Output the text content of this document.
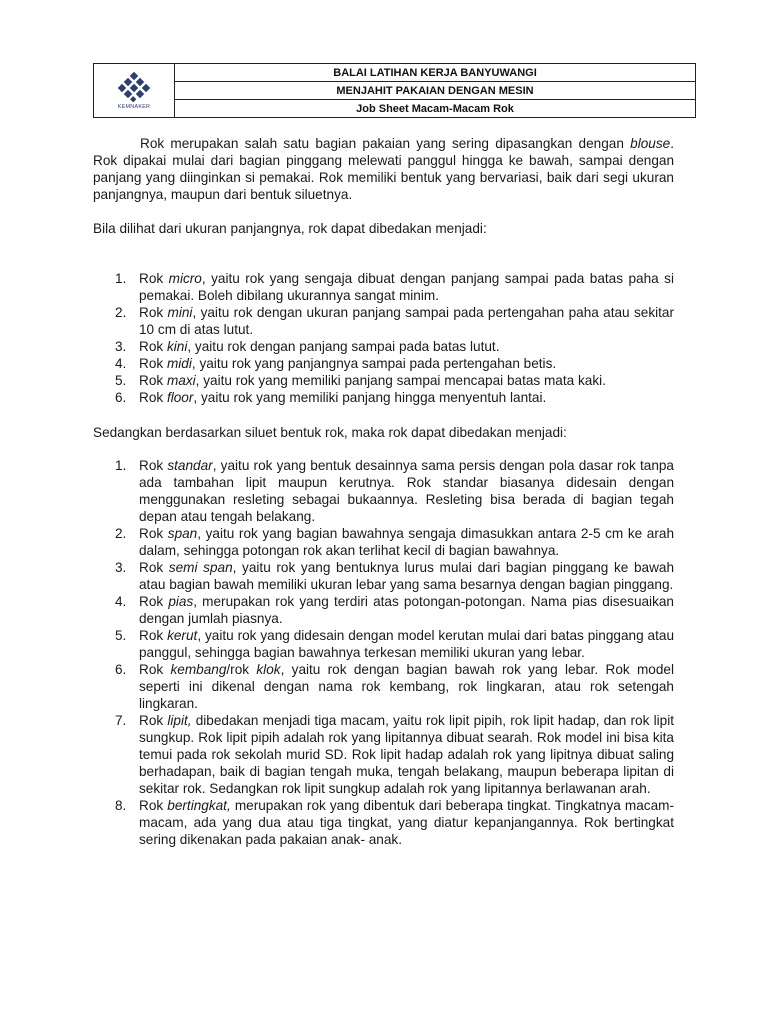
KEMNAKER
BALAI LATIHAN KERJA BANYUWANGI
MENJAHIT PAKAIAN DENGAN MESIN
Job Sheet Macam-Macam Rok

Rok merupakan salah satu bagian pakaian yang sering dipasangkan dengan blouse. Rok dipakai mulai dari bagian pinggang melewati panggul hingga ke bawah, sampai dengan panjang yang diinginkan si pemakai. Rok memiliki bentuk yang bervariasi, baik dari segi ukuran panjangnya, maupun dari bentuk siluetnya.

Bila dilihat dari ukuran panjangnya, rok dapat dibedakan menjadi:

1. Rok micro, yaitu rok yang sengaja dibuat dengan panjang sampai pada batas paha si pemakai. Boleh dibilang ukurannya sangat minim.
2. Rok mini, yaitu rok dengan ukuran panjang sampai pada pertengahan paha atau sekitar 10 cm di atas lutut.
3. Rok kini, yaitu rok dengan panjang sampai pada batas lutut.
4. Rok midi, yaitu rok yang panjangnya sampai pada pertengahan betis.
5. Rok maxi, yaitu rok yang memiliki panjang sampai mencapai batas mata kaki.
6. Rok floor, yaitu rok yang memiliki panjang hingga menyentuh lantai.

Sedangkan berdasarkan siluet bentuk rok, maka rok dapat dibedakan menjadi:

1. Rok standar, yaitu rok yang bentuk desainnya sama persis dengan pola dasar rok tanpa ada tambahan lipit maupun kerutnya. Rok standar biasanya didesain dengan menggunakan resleting sebagai bukaannya. Resleting bisa berada di bagian tegah depan atau tengah belakang.
2. Rok span, yaitu rok yang bagian bawahnya sengaja dimasukkan antara 2-5 cm ke arah dalam, sehingga potongan rok akan terlihat kecil di bagian bawahnya.
3. Rok semi span, yaitu rok yang bentuknya lurus mulai dari bagian pinggang ke bawah atau bagian bawah memiliki ukuran lebar yang sama besarnya dengan bagian pinggang.
4. Rok pias, merupakan rok yang terdiri atas potongan-potongan. Nama pias disesuaikan dengan jumlah piasnya.
5. Rok kerut, yaitu rok yang didesain dengan model kerutan mulai dari batas pinggang atau panggul, sehingga bagian bawahnya terkesan memiliki ukuran yang lebar.
6. Rok kembang/rok klok, yaitu rok dengan bagian bawah rok yang lebar. Rok model seperti ini dikenal dengan nama rok kembang, rok lingkaran, atau rok setengah lingkaran.
7. Rok lipit, dibedakan menjadi tiga macam, yaitu rok lipit pipih, rok lipit hadap, dan rok lipit sungkup. Rok lipit pipih adalah rok yang lipitannya dibuat searah. Rok model ini bisa kita temui pada rok sekolah murid SD. Rok lipit hadap adalah rok yang lipitnya dibuat saling berhadapan, baik di bagian tengah muka, tengah belakang, maupun beberapa lipitan di sekitar rok. Sedangkan rok lipit sungkup adalah rok yang lipitannya berlawanan arah.
8. Rok bertingkat, merupakan rok yang dibentuk dari beberapa tingkat. Tingkatnya macam-macam, ada yang dua atau tiga tingkat, yang diatur kepanjangannya. Rok bertingkat sering dikenakan pada pakaian anak- anak.
